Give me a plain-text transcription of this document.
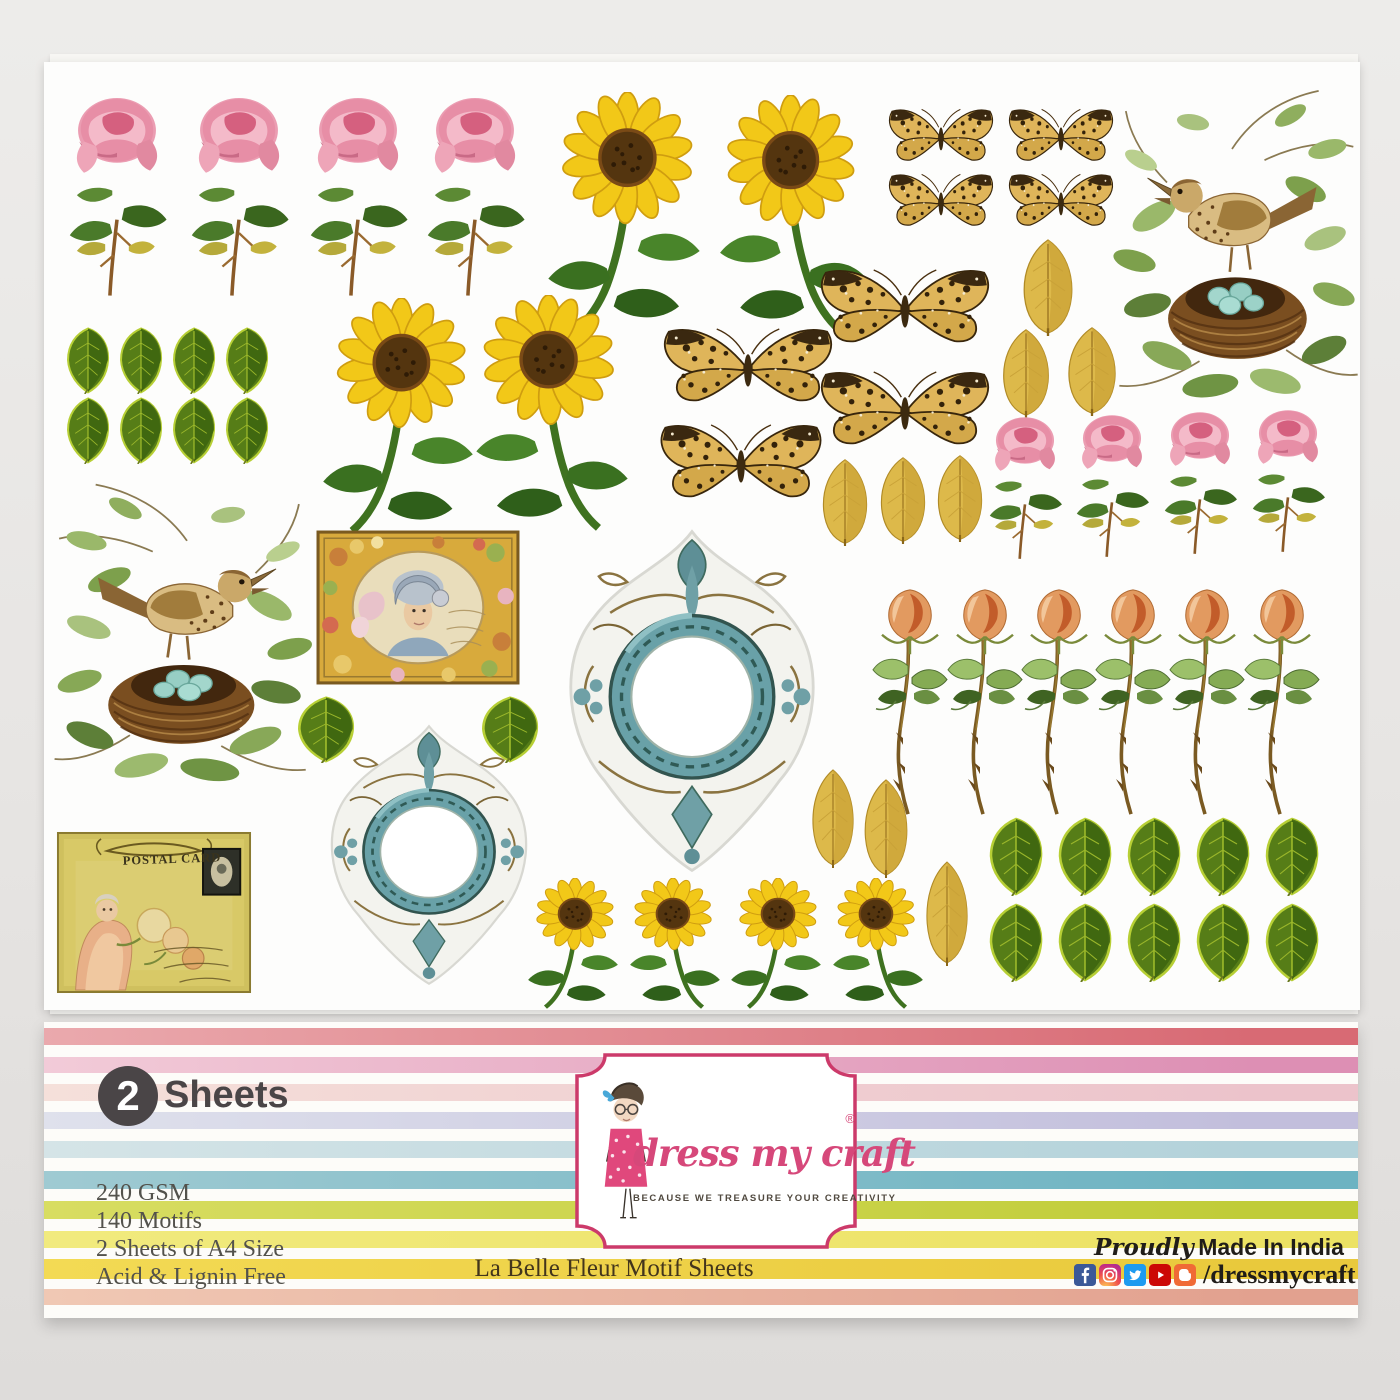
POSTAL CARD
2 Sheets
240 GSM
140 Motifs
2 Sheets of A4 Size
Acid & Lignin Free
dress my craft
®
BECAUSE WE TREASURE YOUR CREATIVITY
La Belle Fleur Motif Sheets
Proudly Made In India
/dressmycraft
